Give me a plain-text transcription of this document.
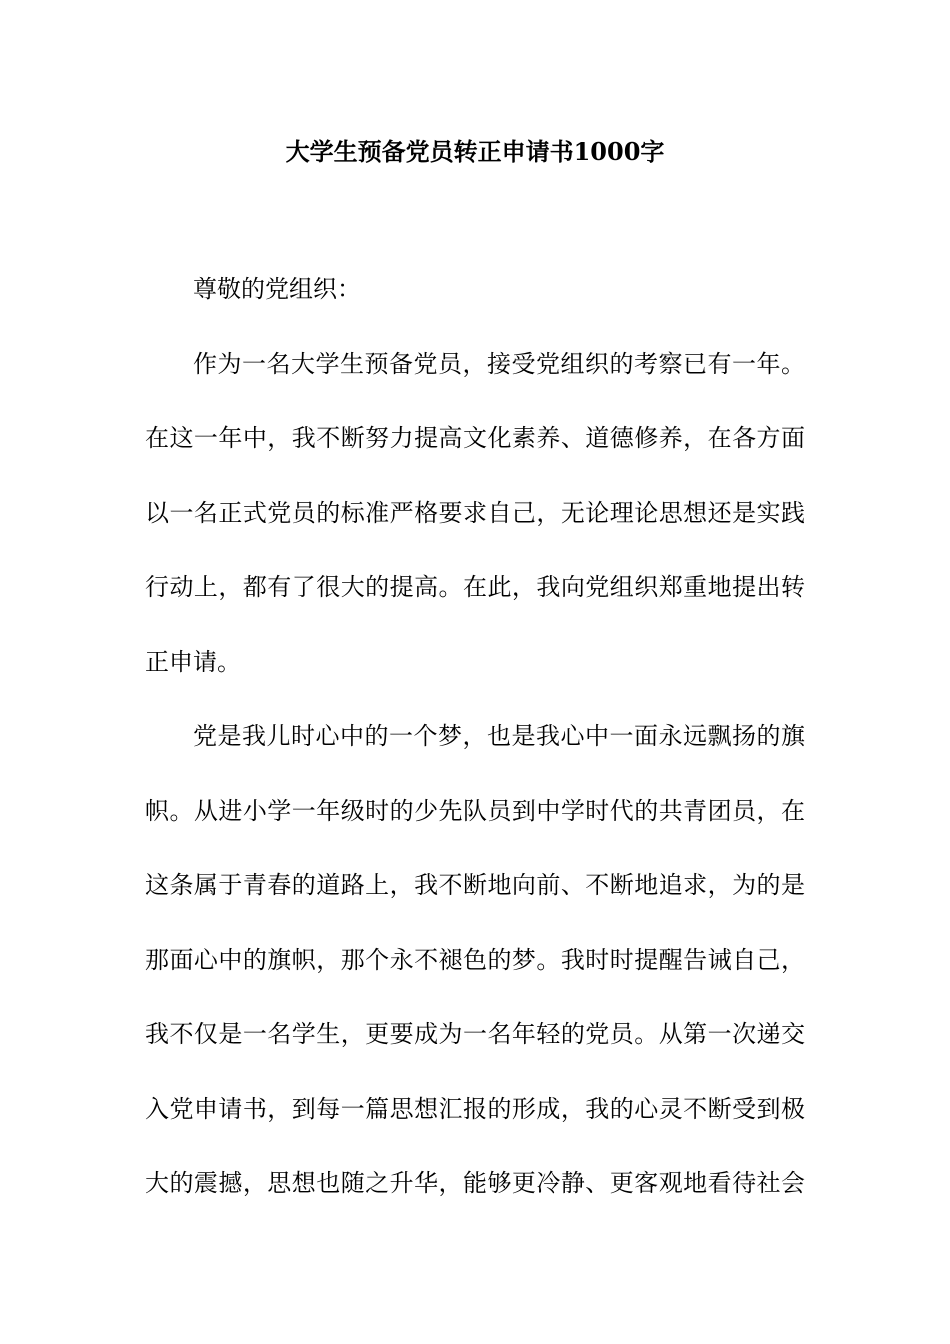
大学生预备党员转正申请书1000字
尊敬的党组织：
作为一名大学生预备党员，接受党组织的考察已有一年。
在这一年中，我不断努力提高文化素养、道德修养，在各方面
以一名正式党员的标准严格要求自己，无论理论思想还是实践
行动上，都有了很大的提高。在此，我向党组织郑重地提出转
正申请。
党是我儿时心中的一个梦，也是我心中一面永远飘扬的旗
帜。从进小学一年级时的少先队员到中学时代的共青团员，在
这条属于青春的道路上，我不断地向前、不断地追求，为的是
那面心中的旗帜，那个永不褪色的梦。我时时提醒告诫自己，
我不仅是一名学生，更要成为一名年轻的党员。从第一次递交
入党申请书，到每一篇思想汇报的形成，我的心灵不断受到极
大的震撼，思想也随之升华，能够更冷静、更客观地看待社会
